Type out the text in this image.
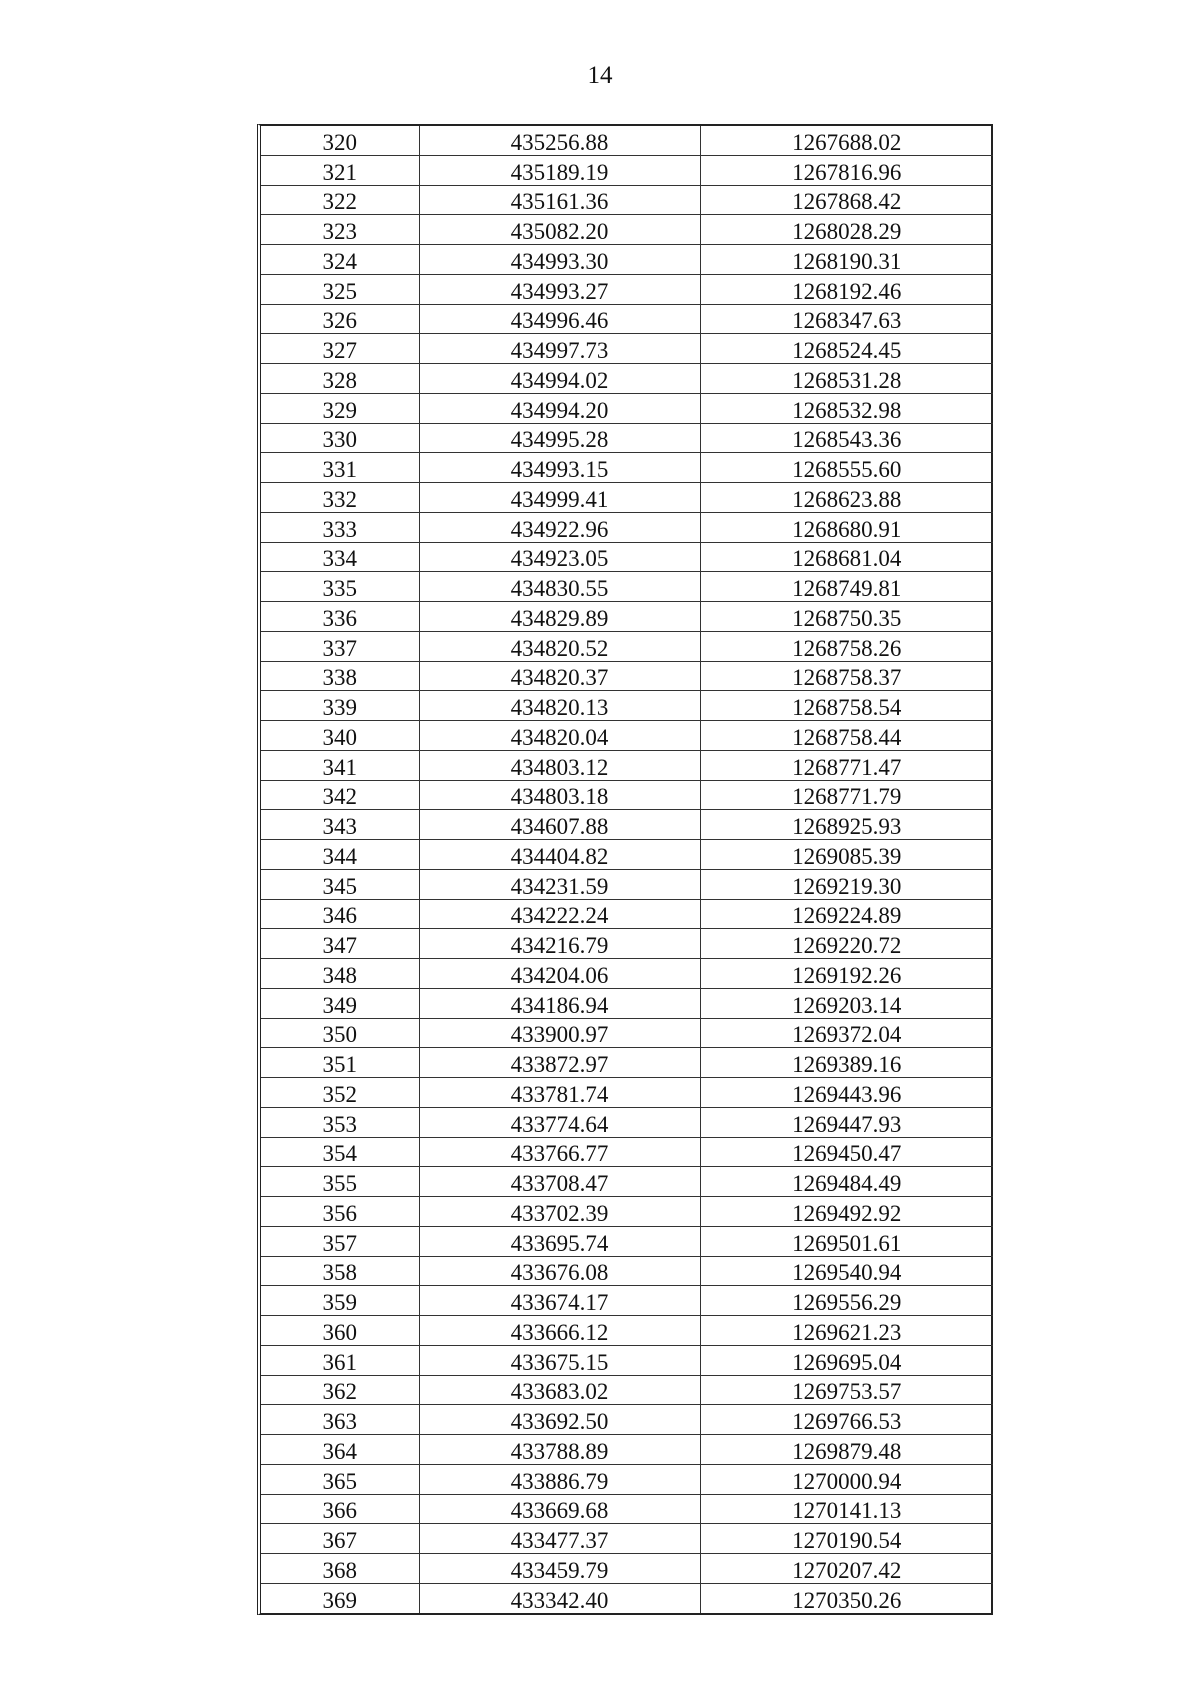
14
320	435256.88	1267688.02
321	435189.19	1267816.96
322	435161.36	1267868.42
323	435082.20	1268028.29
324	434993.30	1268190.31
325	434993.27	1268192.46
326	434996.46	1268347.63
327	434997.73	1268524.45
328	434994.02	1268531.28
329	434994.20	1268532.98
330	434995.28	1268543.36
331	434993.15	1268555.60
332	434999.41	1268623.88
333	434922.96	1268680.91
334	434923.05	1268681.04
335	434830.55	1268749.81
336	434829.89	1268750.35
337	434820.52	1268758.26
338	434820.37	1268758.37
339	434820.13	1268758.54
340	434820.04	1268758.44
341	434803.12	1268771.47
342	434803.18	1268771.79
343	434607.88	1268925.93
344	434404.82	1269085.39
345	434231.59	1269219.30
346	434222.24	1269224.89
347	434216.79	1269220.72
348	434204.06	1269192.26
349	434186.94	1269203.14
350	433900.97	1269372.04
351	433872.97	1269389.16
352	433781.74	1269443.96
353	433774.64	1269447.93
354	433766.77	1269450.47
355	433708.47	1269484.49
356	433702.39	1269492.92
357	433695.74	1269501.61
358	433676.08	1269540.94
359	433674.17	1269556.29
360	433666.12	1269621.23
361	433675.15	1269695.04
362	433683.02	1269753.57
363	433692.50	1269766.53
364	433788.89	1269879.48
365	433886.79	1270000.94
366	433669.68	1270141.13
367	433477.37	1270190.54
368	433459.79	1270207.42
369	433342.40	1270350.26
